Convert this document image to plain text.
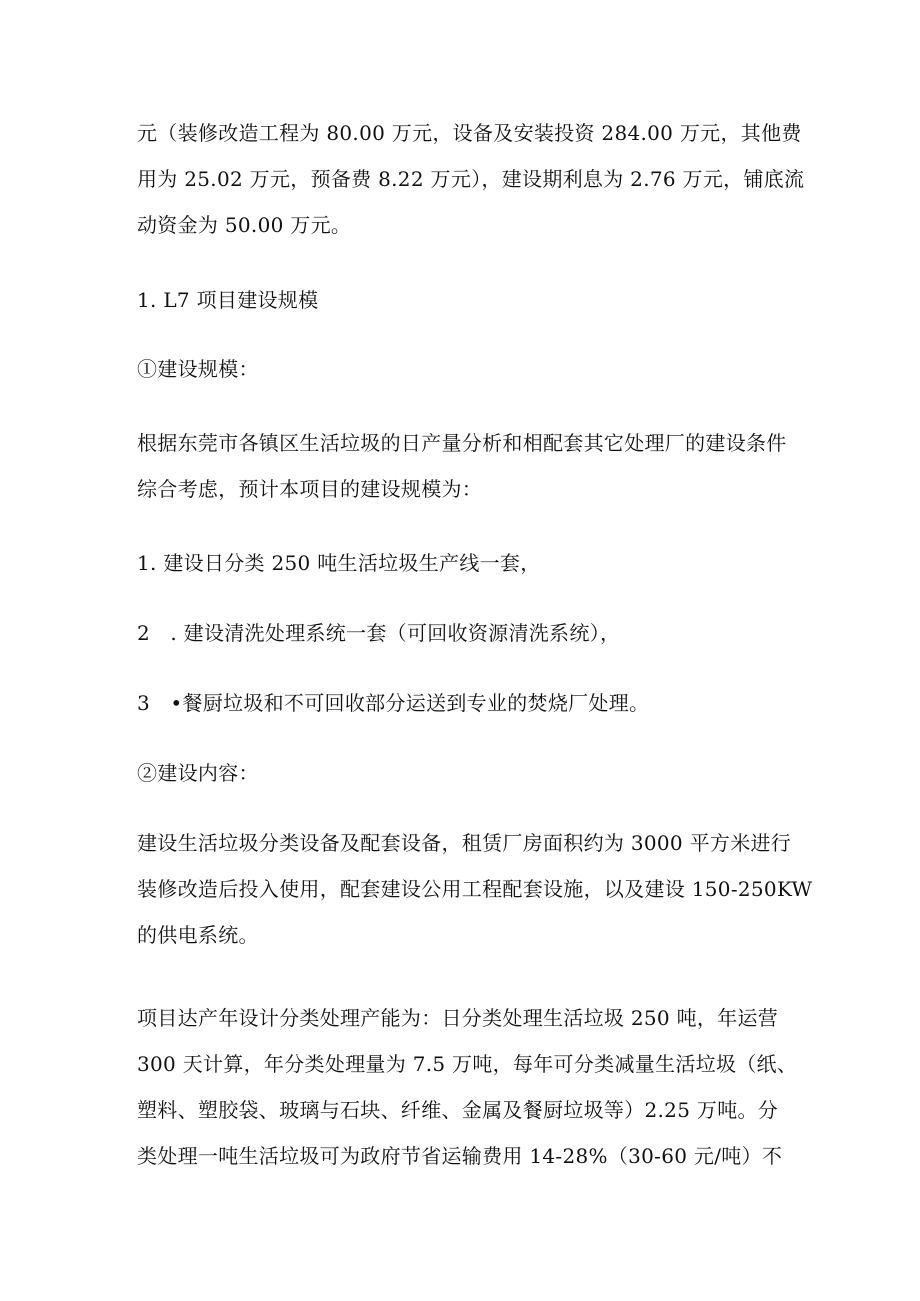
元（装修改造工程为 80.00 万元，设备及安装投资 284.00 万元，其他费
用为 25.02 万元，预备费 8.22 万元），建设期利息为 2.76 万元，铺底流
动资金为 50.00 万元。

1. L7 项目建设规模

①建设规模：

根据东莞市各镇区生活垃圾的日产量分析和相配套其它处理厂的建设条件
综合考虑，预计本项目的建设规模为：

1. 建设日分类 250 吨生活垃圾生产线一套，

2　. 建设清洗处理系统一套（可回收资源清洗系统），

3　•餐厨垃圾和不可回收部分运送到专业的焚烧厂处理。

②建设内容：

建设生活垃圾分类设备及配套设备，租赁厂房面积约为 3000 平方米进行
装修改造后投入使用，配套建设公用工程配套设施，以及建设 150-250KW
的供电系统。

项目达产年设计分类处理产能为：日分类处理生活垃圾 250 吨，年运营
300 天计算，年分类处理量为 7.5 万吨，每年可分类减量生活垃圾（纸、
塑料、塑胶袋、玻璃与石块、纤维、金属及餐厨垃圾等）2.25 万吨。分
类处理一吨生活垃圾可为政府节省运输费用 14-28%（30-60 元/吨）不
